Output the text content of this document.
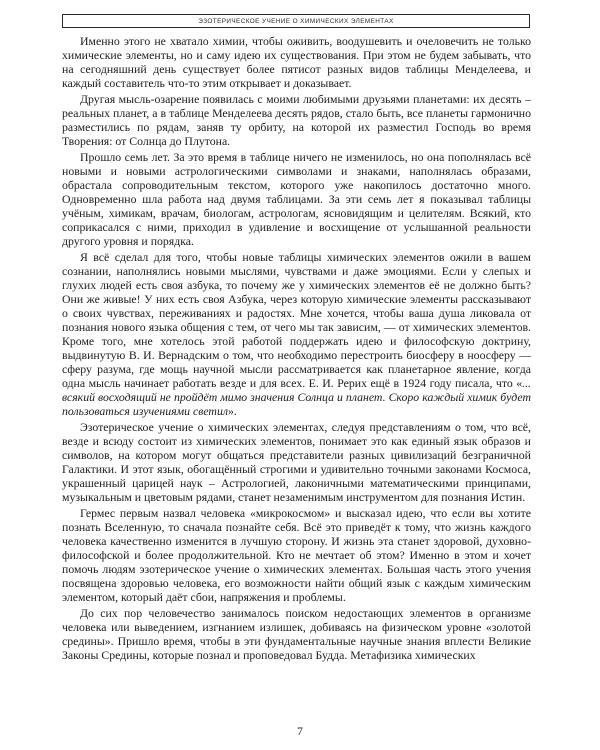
ЭЗОТЕРИЧЕСКОЕ УЧЕНИЕ О ХИМИЧЕСКИХ ЭЛЕМЕНТАХ

Именно этого не хватало химии, чтобы оживить, воодушевить и очеловечить не только химические элементы, но и саму идею их существования. При этом не будем забывать, что на сегодняшний день существует более пятисот разных видов таблицы Менделеева, и каждый составитель что-то этим открывает и доказывает.

Другая мысль-озарение появилась с моими любимыми друзьями планетами: их десять – реальных планет, а в таблице Менделеева десять рядов, стало быть, все планеты гармонично разместились по рядам, заняв ту орбиту, на которой их разместил Господь во время Творения: от Солнца до Плутона.

Прошло семь лет. За это время в таблице ничего не изменилось, но она пополнялась всё новыми и новыми астрологическими символами и знаками, наполнялась образами, обрастала сопроводительным текстом, которого уже накопилось достаточно много. Одновременно шла работа над двумя таблицами. За эти семь лет я показывал таблицы учёным, химикам, врачам, биологам, астрологам, ясновидящим и целителям. Всякий, кто соприкасался с ними, приходил в удивление и восхищение от услышанной реальности другого уровня и порядка.

Я всё сделал для того, чтобы новые таблицы химических элементов ожили в вашем сознании, наполнялись новыми мыслями, чувствами и даже эмоциями. Если у слепых и глухих людей есть своя азбука, то почему же у химических элементов её не должно быть? Они же живые! У них есть своя Азбука, через которую химические элементы рассказывают о своих чувствах, переживаниях и радостях. Мне хочется, чтобы ваша душа ликовала от познания нового языка общения с тем, от чего мы так зависим, — от химических элементов. Кроме того, мне хотелось этой работой поддержать идею и философскую доктрину, выдвинутую В. И. Вернадским о том, что необходимо перестроить биосферу в ноосферу — сферу разума, где мощь научной мысли рассматривается как планетарное явление, когда одна мысль начинает работать везде и для всех. Е. И. Рерих ещё в 1924 году писала, что «... всякий восходящий не пройдёт мимо значения Солнца и планет. Скоро каждый химик будет пользоваться изучениями светил».

Эзотерическое учение о химических элементах, следуя представлениям о том, что всё, везде и всюду состоит из химических элементов, понимает это как единый язык образов и символов, на котором могут общаться представители разных цивилизаций безграничной Галактики. И этот язык, обогащённый строгими и удивительно точными законами Космоса, украшенный царицей наук – Астрологией, лаконичными математическими принципами, музыкальным и цветовым рядами, станет незаменимым инструментом для познания Истин.

Гермес первым назвал человека «микрокосмом» и высказал идею, что если вы хотите познать Вселенную, то сначала познайте себя. Всё это приведёт к тому, что жизнь каждого человека качественно изменится в лучшую сторону. И жизнь эта станет здоровой, духовно-философской и более продолжительной. Кто не мечтает об этом? Именно в этом и хочет помочь людям эзотерическое учение о химических элементах. Большая часть этого учения посвящена здоровью человека, его возможности найти общий язык с каждым химическим элементом, который даёт сбои, напряжения и проблемы.

До сих пор человечество занималось поиском недостающих элементов в организме человека или выведением, изгнанием излишек, добиваясь на физическом уровне «золотой средины». Пришло время, чтобы в эти фундаментальные научные знания вплести Великие Законы Средины, которые познал и проповедовал Будда. Метафизика химических

7
